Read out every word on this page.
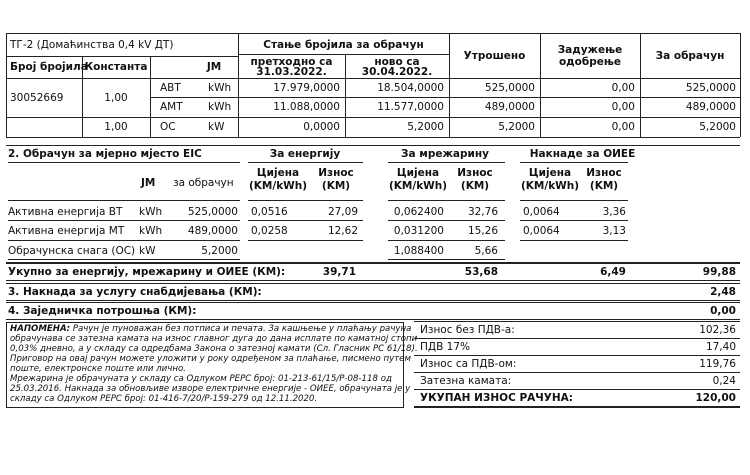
ТГ-2 (Домаћинства 0,4 kV ДТ)	Стање бројила за обрачун
претходно са
31.03.2022.
ново са
30.04.2022.
Утрошено	Задужење
одобрење	За обрачун
Број бројила
Константа	ЈМ
30052669	1,00
АВТ	kWh	17.979,0000	18.504,0000	525,0000	0,00	525,0000
АМТ kWh	11.088,0000	11.577,0000	489,0000	0,00	489,0000
1,00	ОС	kW	0,0000	5,2000	5,2000	0,00	5,2000
2. Обрачун за мјерно мјесто EIC	За енергију	За мрежарину	Накнаде за ОИЕЕ
ЈМ за обрачун
Цијена
(KM/kWh)
Износ
(KM)
Цијена
(KM/kWh)
Износ
(KM)
Цијена
(KM/kWh)
Износ
(KM)
Активна енергија ВТ kWh	525,0000 0,0516	27,09	0,062400	32,76 0,0064	3,36
Активна енергија МТ kWh	489,0000 0,0258	12,62	0,031200	15,26 0,0064	3,13
Обрачунска снага (ОС) kW	5,2000	1,088400	5,66
Укупно за енергију, мрежарину и ОИЕЕ (КМ):	39,71	53,68	6,49	99,88
3. Накнада за услугу снабдијевања (КМ):	2,48
4. Заједничка потрошња (КМ):	0,00
НАПОМЕНА: Рачун је пуноважан без потписа и печата. За кашњење у плаћању рачуна
обрачунава се затезна камата на износ главног дуга до дана исплате по каматној стопи
0,03% дневно, а у складу са одредбама Закона о затезној камати (Сл. Гласник РС 61/18).
Приговор на овај рачун можете уложити у року одређеном за плаћање, писмено путем
поште, електронске поште или лично.
Мрежарина је обрачуната у складу са Одлуком РЕРС број: 01-213-61/15/Р-08-118 од
25.03.2016. Накнада за обновљиве изворе електричне енергије - ОИЕЕ, обрачуната је у
складу са Одлуком РЕРС број: 01-416-7/20/Р-159-279 од 12.11.2020.
Износ без ПДВ-а:	102,36
ПДВ 17%	17,40
Износ са ПДВ-ом:	119,76
Затезна камата:	0,24
УКУПАН ИЗНОС РАЧУНА:	120,00
